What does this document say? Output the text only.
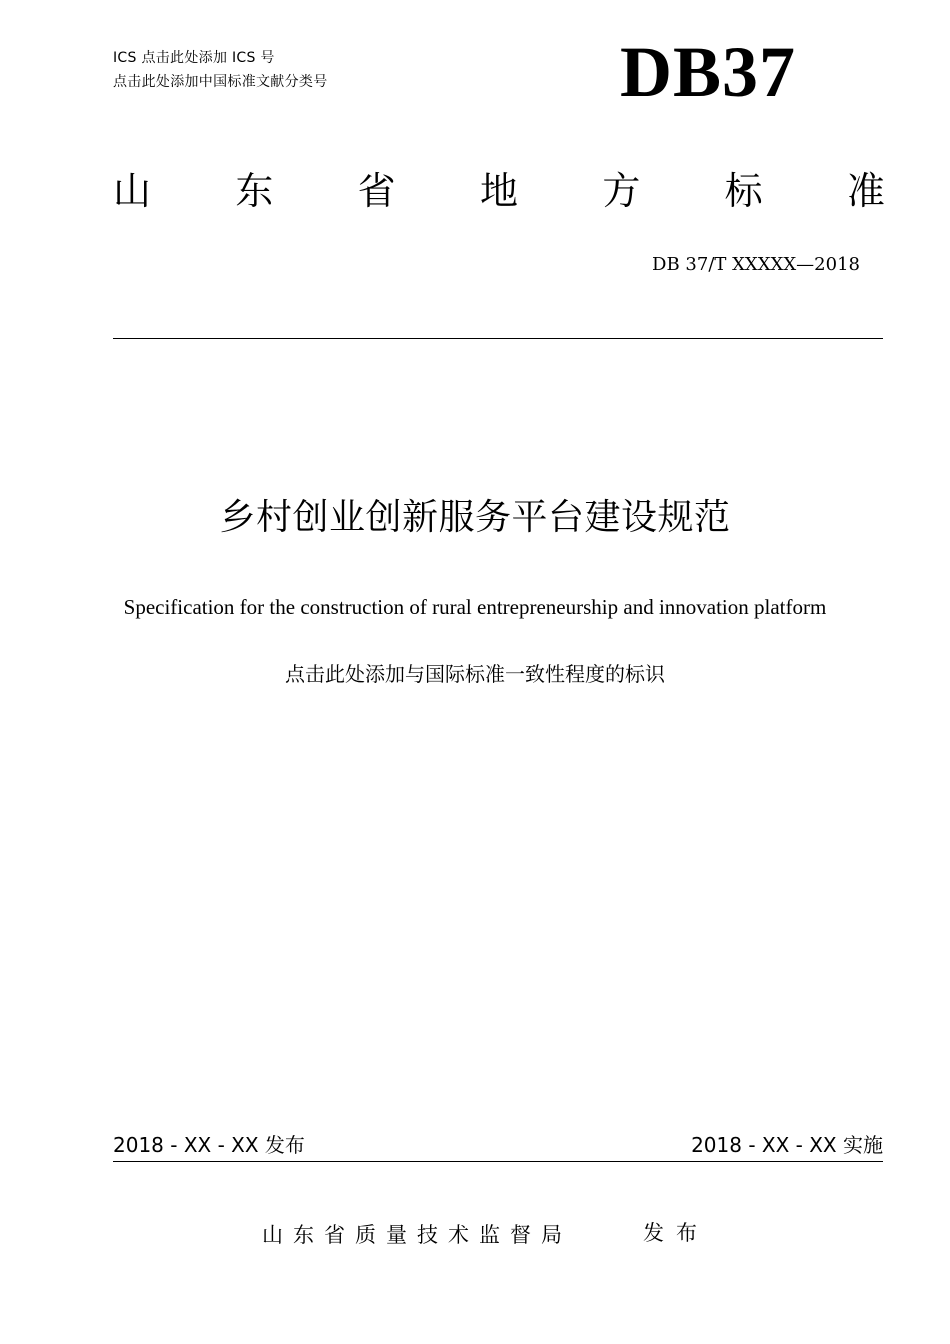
ICS 点击此处添加 ICS 号
点击此处添加中国标准文献分类号	DB37
山 东 省 地 方 标 准
DB 37/T XXXXX—2018
乡村创业创新服务平台建设规范
Specification for the construction of rural entrepreneurship and innovation platform
点击此处添加与国际标准一致性程度的标识
2018 - XX - XX 发布	2018 - XX - XX 实施
山东省质量技术监督局	发布
